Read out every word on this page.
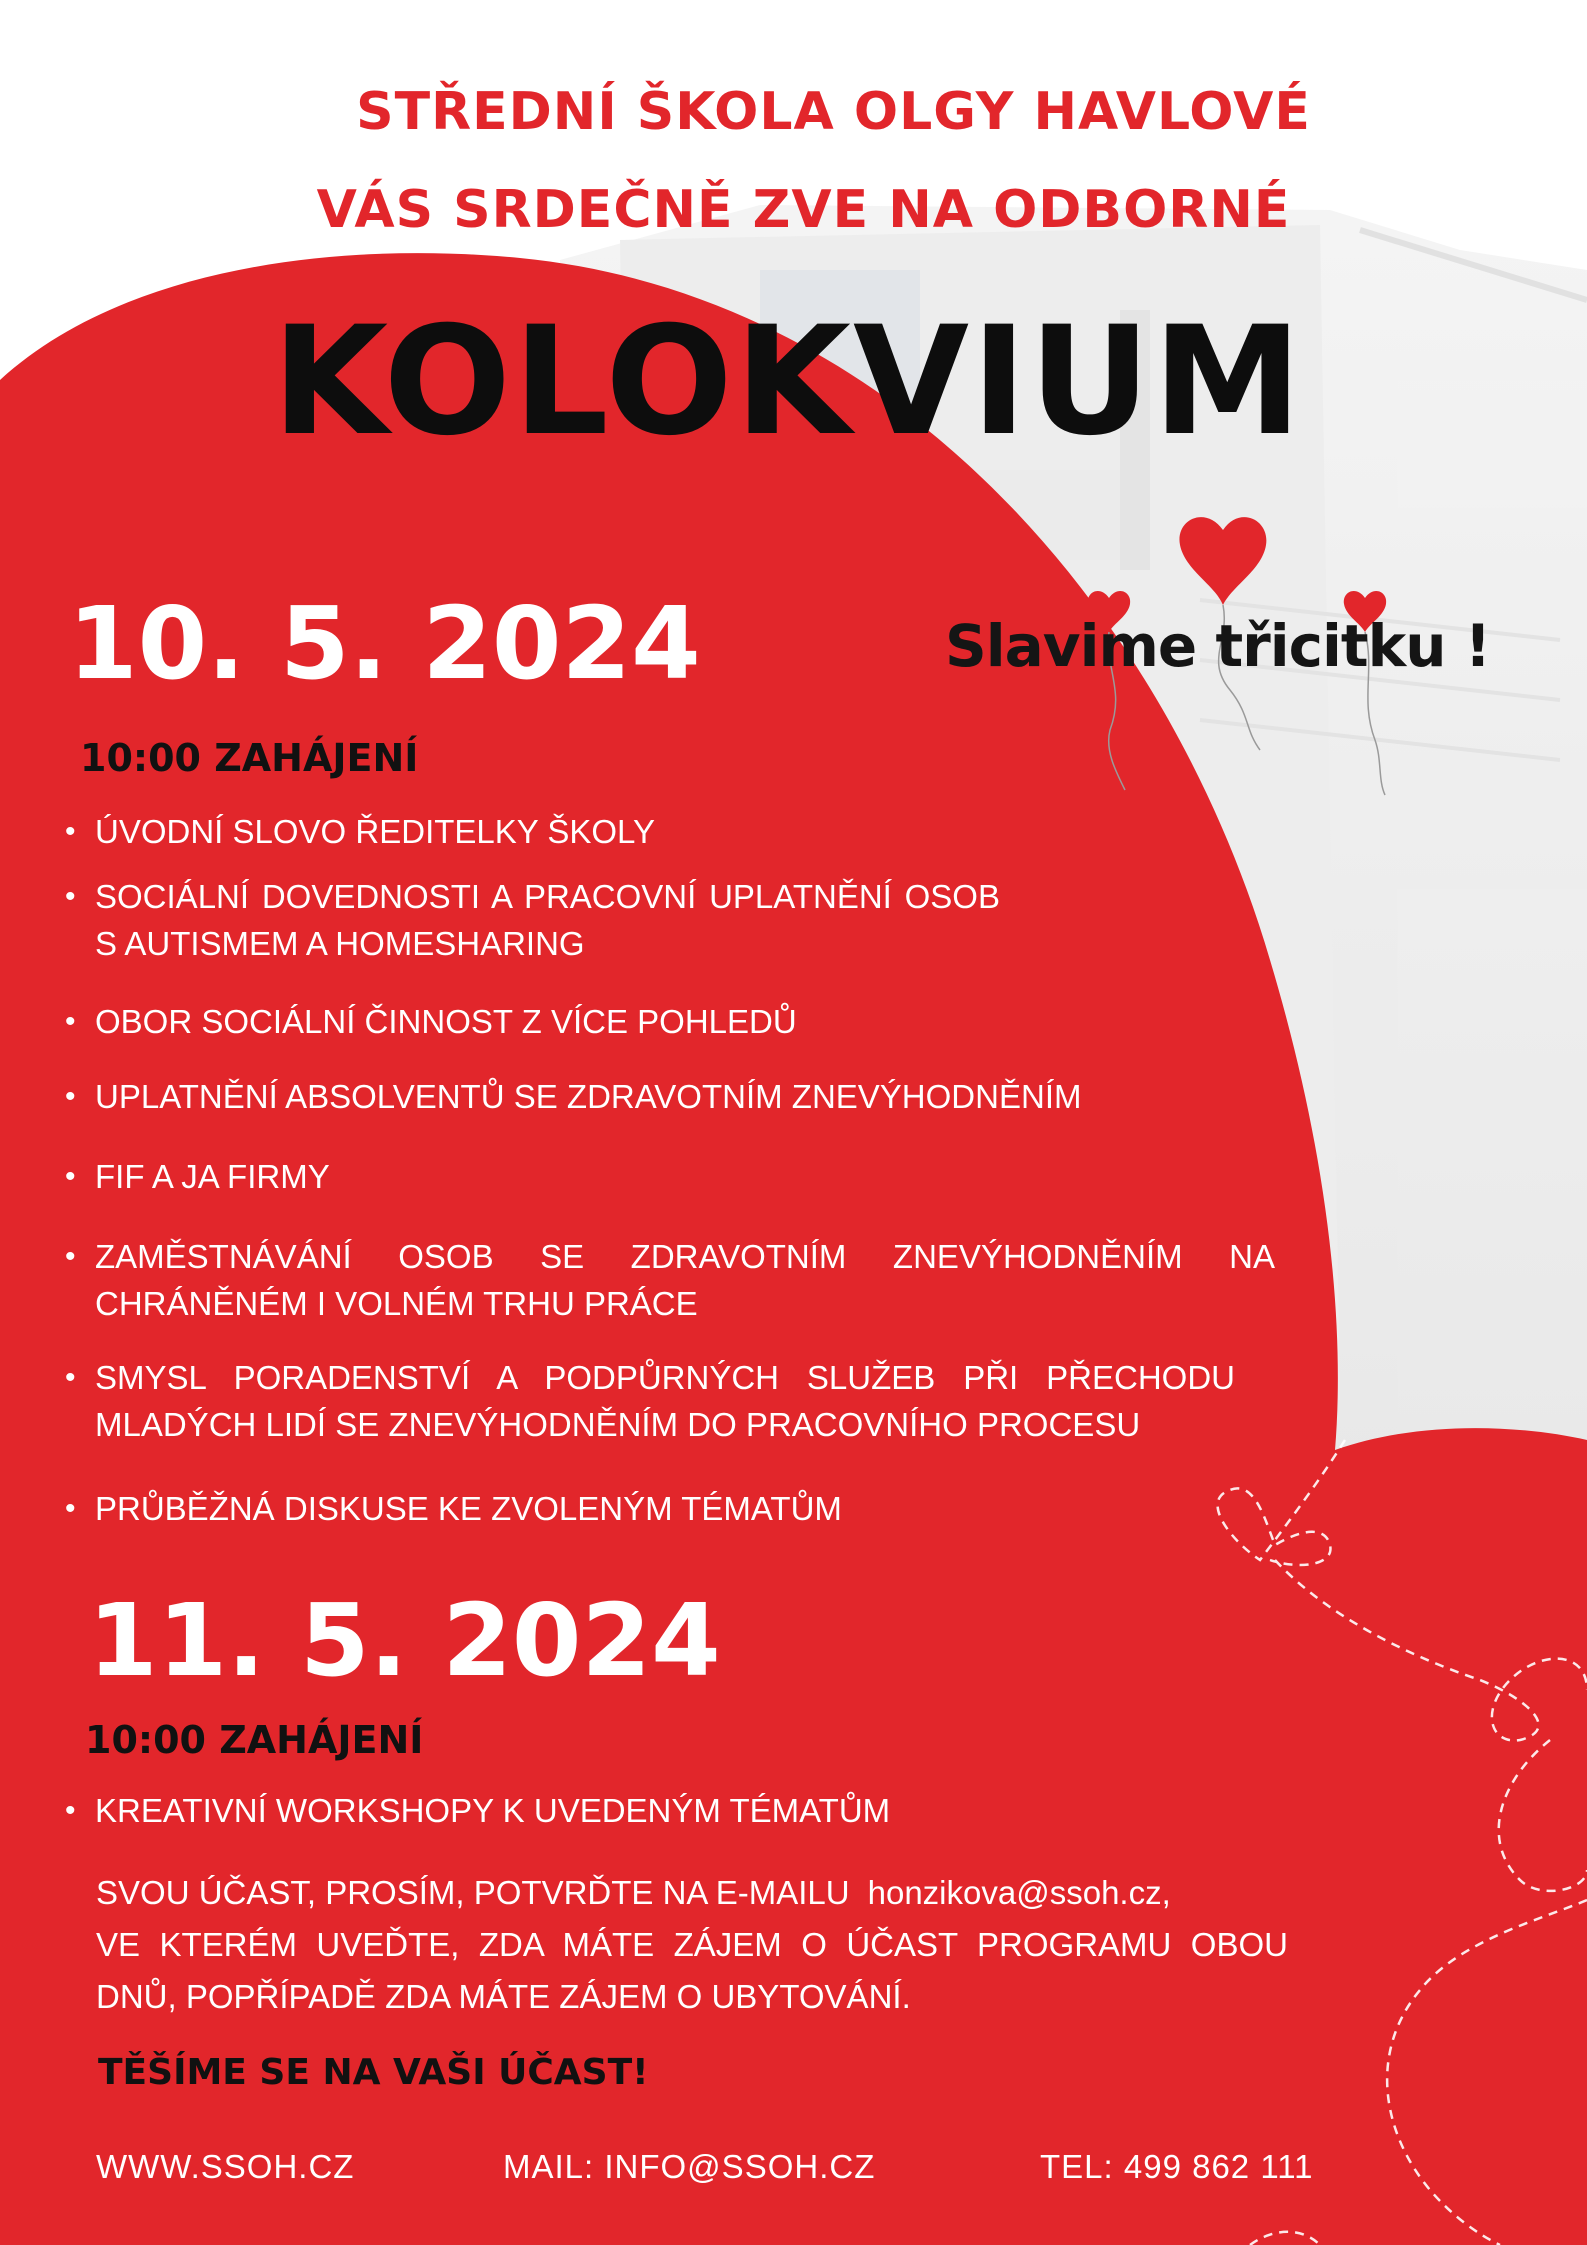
STŘEDNÍ ŠKOLA OLGY HAVLOVÉ

VÁS SRDEČNĚ ZVE NA ODBORNÉ

KOLOKVIUM

Slavime třicitku !

10. 5. 2024

10:00 ZAHÁJENÍ

• ÚVODNÍ SLOVO ŘEDITELKY ŠKOLY
• SOCIÁLNÍ DOVEDNOSTI A PRACOVNÍ UPLATNĚNÍ OSOB S AUTISMEM A HOMESHARING
• OBOR SOCIÁLNÍ ČINNOST Z VÍCE POHLEDŮ
• UPLATNĚNÍ ABSOLVENTŮ SE ZDRAVOTNÍM ZNEVÝHODNĚNÍM
• FIF A JA FIRMY
• ZAMĚSTNÁVÁNÍ OSOB SE ZDRAVOTNÍM ZNEVÝHODNĚNÍM NA CHRÁNĚNÉM I VOLNÉM TRHU PRÁCE
• SMYSL PORADENSTVÍ A PODPŮRNÝCH SLUŽEB PŘI PŘECHODU MLADÝCH LIDÍ SE ZNEVÝHODNĚNÍM DO PRACOVNÍHO PROCESU
• PRŮBĚŽNÁ DISKUSE KE ZVOLENÝM TÉMATŮM
11. 5. 2024

10:00 ZAHÁJENÍ

• KREATIVNÍ WORKSHOPY K UVEDENÝM TÉMATŮM

SVOU ÚČAST, PROSÍM, POTVRĎTE NA E-MAILU honzikova@ssoh.cz,

VE KTERÉM UVEĎTE, ZDA MÁTE ZÁJEM O ÚČAST PROGRAMU OBOU

DNŮ, POPŘÍPADĚ ZDA MÁTE ZÁJEM O UBYTOVÁNÍ.

TĚŠÍME SE NA VAŠI ÚČAST!

WWW.SSOH.CZ	MAIL: INFO@SSOH.CZ	TEL: 499 862 111
